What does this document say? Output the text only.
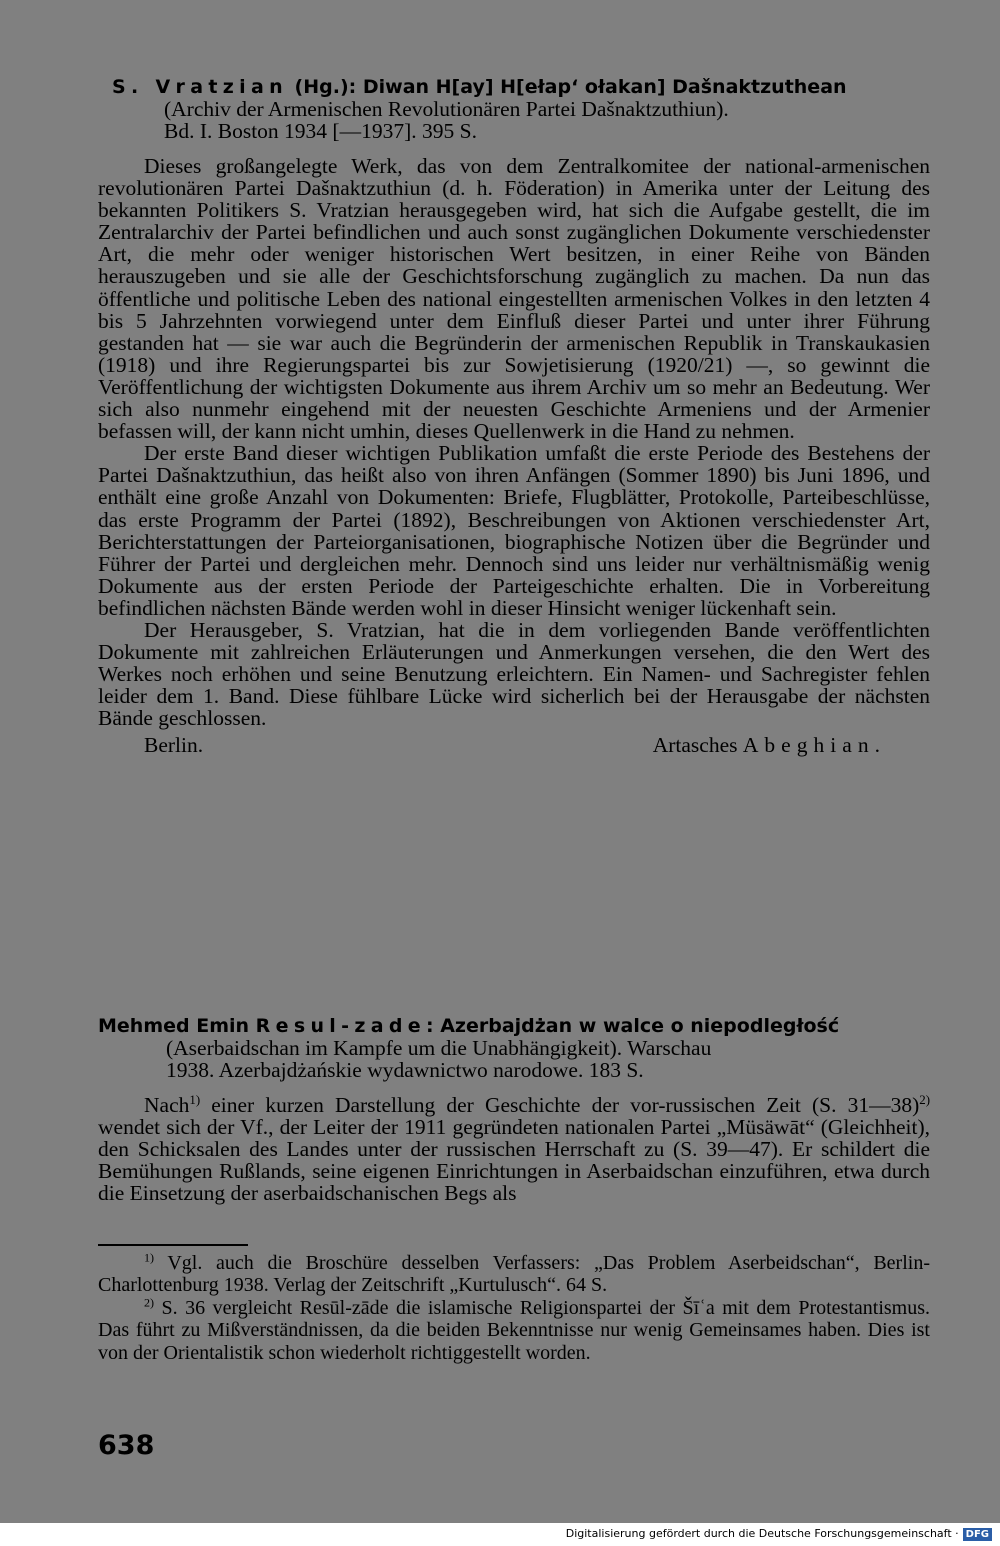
S. Vratzian (Hg.): Diwan H[ay] H[ełap‘ ołakan] Dašnaktzuthean
(Archiv der Armenischen Revolutionären Partei Dašnaktzuthiun).
Bd. I. Boston 1934 [—1937]. 395 S.

Dieses großangelegte Werk, das von dem Zentralkomitee der national-armenischen revolutionären Partei Dašnaktzuthiun (d. h. Föderation) in Amerika unter der Leitung des bekannten Politikers S. Vratzian herausgegeben wird, hat sich die Aufgabe gestellt, die im Zentralarchiv der Partei befindlichen und auch sonst zugänglichen Dokumente verschiedenster Art, die mehr oder weniger historischen Wert besitzen, in einer Reihe von Bänden herauszugeben und sie alle der Geschichtsforschung zugänglich zu machen. Da nun das öffentliche und politische Leben des national eingestellten armenischen Volkes in den letzten 4 bis 5 Jahrzehnten vorwiegend unter dem Einfluß dieser Partei und unter ihrer Führung gestanden hat — sie war auch die Begründerin der armenischen Republik in Transkaukasien (1918) und ihre Regierungspartei bis zur Sowjetisierung (1920/21) —, so gewinnt die Veröffentlichung der wichtigsten Dokumente aus ihrem Archiv um so mehr an Bedeutung. Wer sich also nunmehr eingehend mit der neuesten Geschichte Armeniens und der Armenier befassen will, der kann nicht umhin, dieses Quellenwerk in die Hand zu nehmen.

Der erste Band dieser wichtigen Publikation umfaßt die erste Periode des Bestehens der Partei Dašnaktzuthiun, das heißt also von ihren Anfängen (Sommer 1890) bis Juni 1896, und enthält eine große Anzahl von Dokumenten: Briefe, Flugblätter, Protokolle, Parteibeschlüsse, das erste Programm der Partei (1892), Beschreibungen von Aktionen verschiedenster Art, Berichterstattungen der Parteiorganisationen, biographische Notizen über die Begründer und Führer der Partei und dergleichen mehr. Dennoch sind uns leider nur verhältnismäßig wenig Dokumente aus der ersten Periode der Parteigeschichte erhalten. Die in Vorbereitung befindlichen nächsten Bände werden wohl in dieser Hinsicht weniger lückenhaft sein.

Der Herausgeber, S. Vratzian, hat die in dem vorliegenden Bande veröffentlichten Dokumente mit zahlreichen Erläuterungen und Anmerkungen versehen, die den Wert des Werkes noch erhöhen und seine Benutzung erleichtern. Ein Namen- und Sachregister fehlen leider dem 1. Band. Diese fühlbare Lücke wird sicherlich bei der Herausgabe der nächsten Bände geschlossen.

Berlin.	Artasches Abeghian.
Mehmed Emin Resul-zade: Azerbajdżan w walce o niepodległość
(Aserbaidschan im Kampfe um die Unabhängigkeit). Warschau
1938. Azerbajdżańskie wydawnictwo narodowe. 183 S.

Nach$^{1)}$ einer kurzen Darstellung der Geschichte der vor-russischen Zeit (S. 31—38)$^{2)}$ wendet sich der Vf., der Leiter der 1911 gegründeten nationalen Partei „Müsäwāt“ (Gleichheit), den Schicksalen des Landes unter der russischen Herrschaft zu (S. 39—47). Er schildert die Bemühungen Rußlands, seine eigenen Einrichtungen in Aserbaidschan einzuführen, etwa durch die Einsetzung der aserbaidschanischen Begs als

$^{1)}$ Vgl. auch die Broschüre desselben Verfassers: „Das Problem Aserbeidschan“, Berlin-Charlottenburg 1938. Verlag der Zeitschrift „Kurtulusch“. 64 S.

$^{2)}$ S. 36 vergleicht Resūl-zāde die islamische Religionspartei der Šīʿa mit dem Protestantismus. Das führt zu Mißverständnissen, da die beiden Bekenntnisse nur wenig Gemeinsames haben. Dies ist von der Orientalistik schon wiederholt richtiggestellt worden.

638
Digitalisierung gefördert durch die Deutsche Forschungsgemeinschaft · DFG
